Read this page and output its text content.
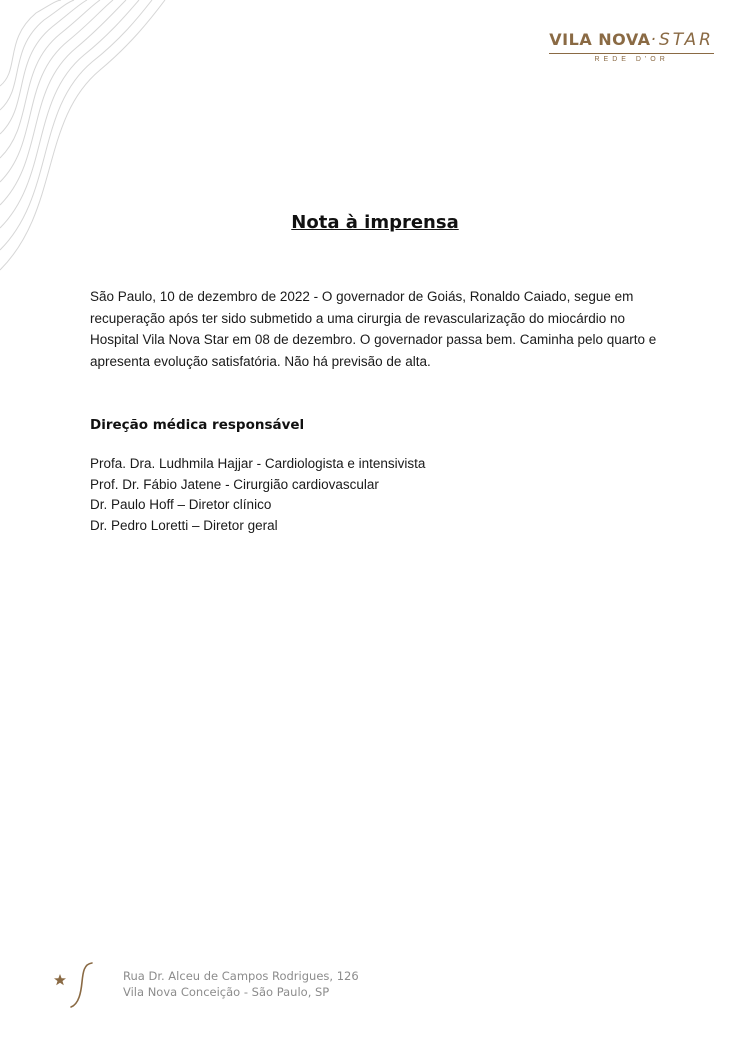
VILA NOVA·STAR
REDE D'OR
Nota à imprensa
São Paulo, 10 de dezembro de 2022 - O governador de Goiás, Ronaldo Caiado, segue em recuperação após ter sido submetido a uma cirurgia de revascularização do miocárdio no Hospital Vila Nova Star em 08 de dezembro. O governador passa bem. Caminha pelo quarto e apresenta evolução satisfatória. Não há previsão de alta.
Direção médica responsável
Profa. Dra. Ludhmila Hajjar - Cardiologista e intensivista
Prof. Dr. Fábio Jatene - Cirurgião cardiovascular
Dr. Paulo Hoff – Diretor clínico
Dr. Pedro Loretti – Diretor geral
Rua Dr. Alceu de Campos Rodrigues, 126
Vila Nova Conceição - São Paulo, SP
